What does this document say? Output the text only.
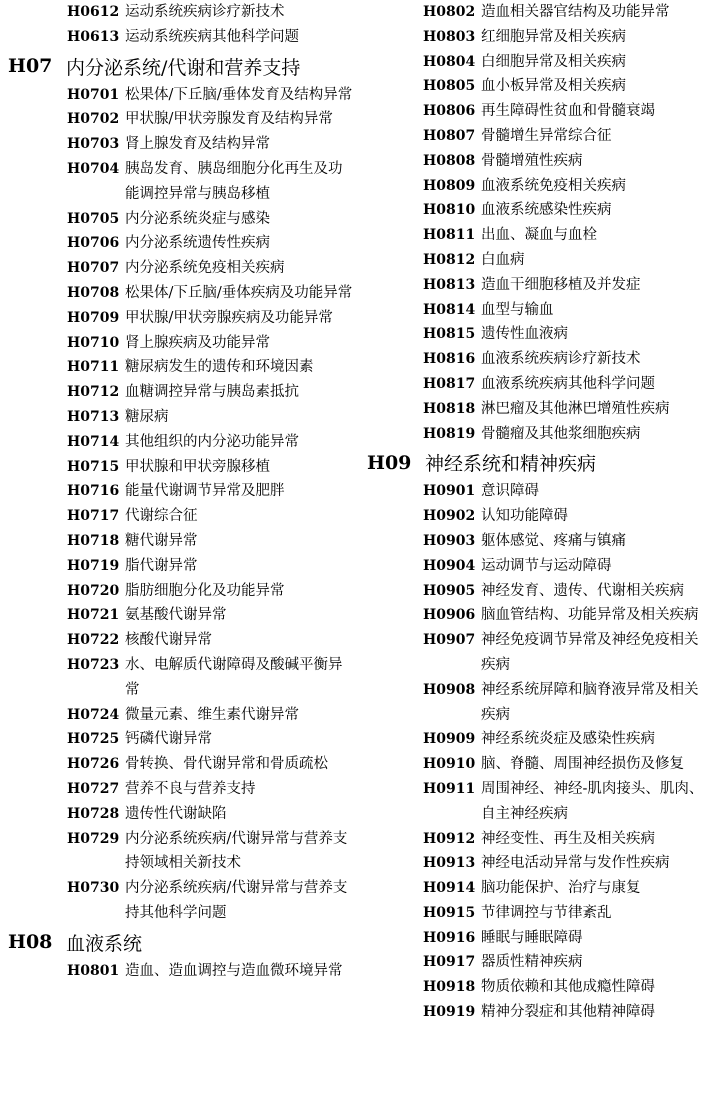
H0612 运动系统疾病诊疗新技术
H0613 运动系统疾病其他科学问题
H07 内分泌系统/代谢和营养支持
H0701 松果体/下丘脑/垂体发育及结构异常
H0702 甲状腺/甲状旁腺发育及结构异常
H0703 肾上腺发育及结构异常
H0704 胰岛发育、胰岛细胞分化再生及功能调控异常与胰岛移植
H0705 内分泌系统炎症与感染
H0706 内分泌系统遗传性疾病
H0707 内分泌系统免疫相关疾病
H0708 松果体/下丘脑/垂体疾病及功能异常
H0709 甲状腺/甲状旁腺疾病及功能异常
H0710 肾上腺疾病及功能异常
H0711 糖尿病发生的遗传和环境因素
H0712 血糖调控异常与胰岛素抵抗
H0713 糖尿病
H0714 其他组织的内分泌功能异常
H0715 甲状腺和甲状旁腺移植
H0716 能量代谢调节异常及肥胖
H0717 代谢综合征
H0718 糖代谢异常
H0719 脂代谢异常
H0720 脂肪细胞分化及功能异常
H0721 氨基酸代谢异常
H0722 核酸代谢异常
H0723 水、电解质代谢障碍及酸碱平衡异常
H0724 微量元素、维生素代谢异常
H0725 钙磷代谢异常
H0726 骨转换、骨代谢异常和骨质疏松
H0727 营养不良与营养支持
H0728 遗传性代谢缺陷
H0729 内分泌系统疾病/代谢异常与营养支持领域相关新技术
H0730 内分泌系统疾病/代谢异常与营养支持其他科学问题
H08 血液系统
H0801 造血、造血调控与造血微环境异常
H0802 造血相关器官结构及功能异常
H0803 红细胞异常及相关疾病
H0804 白细胞异常及相关疾病
H0805 血小板异常及相关疾病
H0806 再生障碍性贫血和骨髓衰竭
H0807 骨髓增生异常综合征
H0808 骨髓增殖性疾病
H0809 血液系统免疫相关疾病
H0810 血液系统感染性疾病
H0811 出血、凝血与血栓
H0812 白血病
H0813 造血干细胞移植及并发症
H0814 血型与输血
H0815 遗传性血液病
H0816 血液系统疾病诊疗新技术
H0817 血液系统疾病其他科学问题
H0818 淋巴瘤及其他淋巴增殖性疾病
H0819 骨髓瘤及其他浆细胞疾病
H09 神经系统和精神疾病
H0901 意识障碍
H0902 认知功能障碍
H0903 躯体感觉、疼痛与镇痛
H0904 运动调节与运动障碍
H0905 神经发育、遗传、代谢相关疾病
H0906 脑血管结构、功能异常及相关疾病
H0907 神经免疫调节异常及神经免疫相关疾病
H0908 神经系统屏障和脑脊液异常及相关疾病
H0909 神经系统炎症及感染性疾病
H0910 脑、脊髓、周围神经损伤及修复
H0911 周围神经、神经-肌肉接头、肌肉、自主神经疾病
H0912 神经变性、再生及相关疾病
H0913 神经电活动异常与发作性疾病
H0914 脑功能保护、治疗与康复
H0915 节律调控与节律紊乱
H0916 睡眠与睡眠障碍
H0917 器质性精神疾病
H0918 物质依赖和其他成瘾性障碍
H0919 精神分裂症和其他精神障碍
